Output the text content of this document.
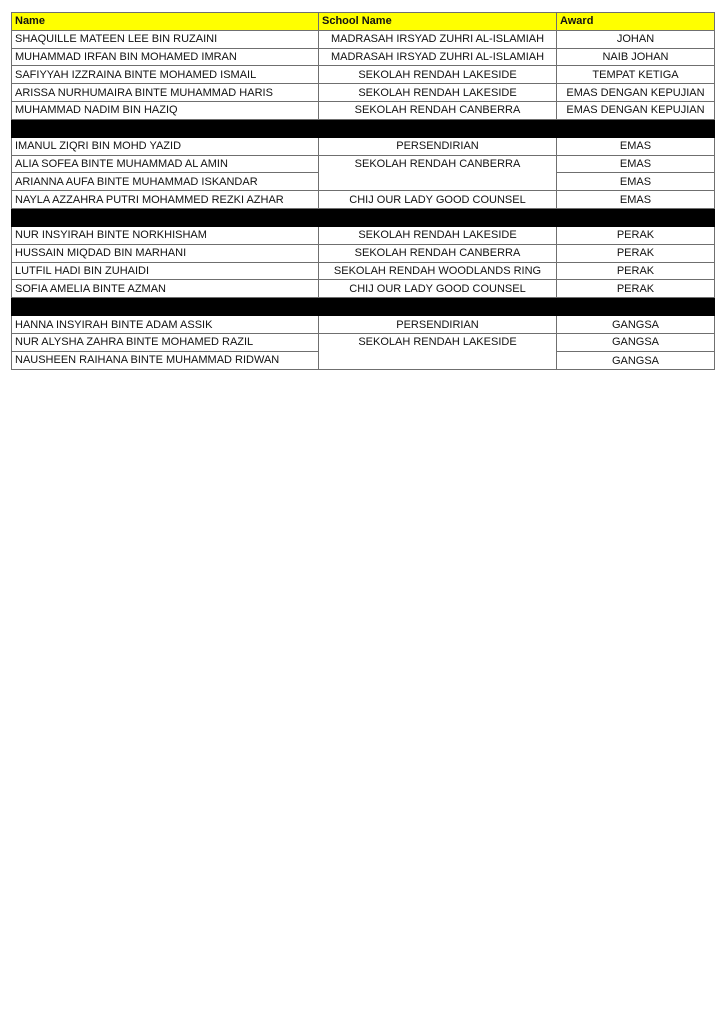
Name	School Name	Award
SHAQUILLE MATEEN LEE BIN RUZAINI	MADRASAH IRSYAD ZUHRI AL-ISLAMIAH	JOHAN
MUHAMMAD IRFAN BIN MOHAMED IMRAN	MADRASAH IRSYAD ZUHRI AL-ISLAMIAH	NAIB JOHAN
SAFIYYAH IZZRAINA BINTE MOHAMED ISMAIL	SEKOLAH RENDAH LAKESIDE	TEMPAT KETIGA
ARISSA NURHUMAIRA BINTE MUHAMMAD HARIS	SEKOLAH RENDAH LAKESIDE	EMAS DENGAN KEPUJIAN
MUHAMMAD NADIM BIN HAZIQ	SEKOLAH RENDAH CANBERRA	EMAS DENGAN KEPUJIAN

IMANUL ZIQRI BIN MOHD YAZID	PERSENDIRIAN	EMAS
ALIA SOFEA BINTE MUHAMMAD AL AMIN	SEKOLAH RENDAH CANBERRA	EMAS
ARIANNA AUFA BINTE MUHAMMAD ISKANDAR		EMAS
NAYLA AZZAHRA PUTRI MOHAMMED REZKI AZHAR	CHIJ OUR LADY GOOD COUNSEL	EMAS

NUR INSYIRAH BINTE NORKHISHAM	SEKOLAH RENDAH LAKESIDE	PERAK
HUSSAIN MIQDAD BIN MARHANI	SEKOLAH RENDAH CANBERRA	PERAK
LUTFIL HADI BIN ZUHAIDI	SEKOLAH RENDAH WOODLANDS RING	PERAK
SOFIA AMELIA BINTE AZMAN	CHIJ OUR LADY GOOD COUNSEL	PERAK

HANNA INSYIRAH BINTE ADAM ASSIK	PERSENDIRIAN	GANGSA
NUR ALYSHA ZAHRA BINTE MOHAMED RAZIL	SEKOLAH RENDAH LAKESIDE	GANGSA
NAUSHEEN RAIHANA BINTE MUHAMMAD RIDWAN		GANGSA
